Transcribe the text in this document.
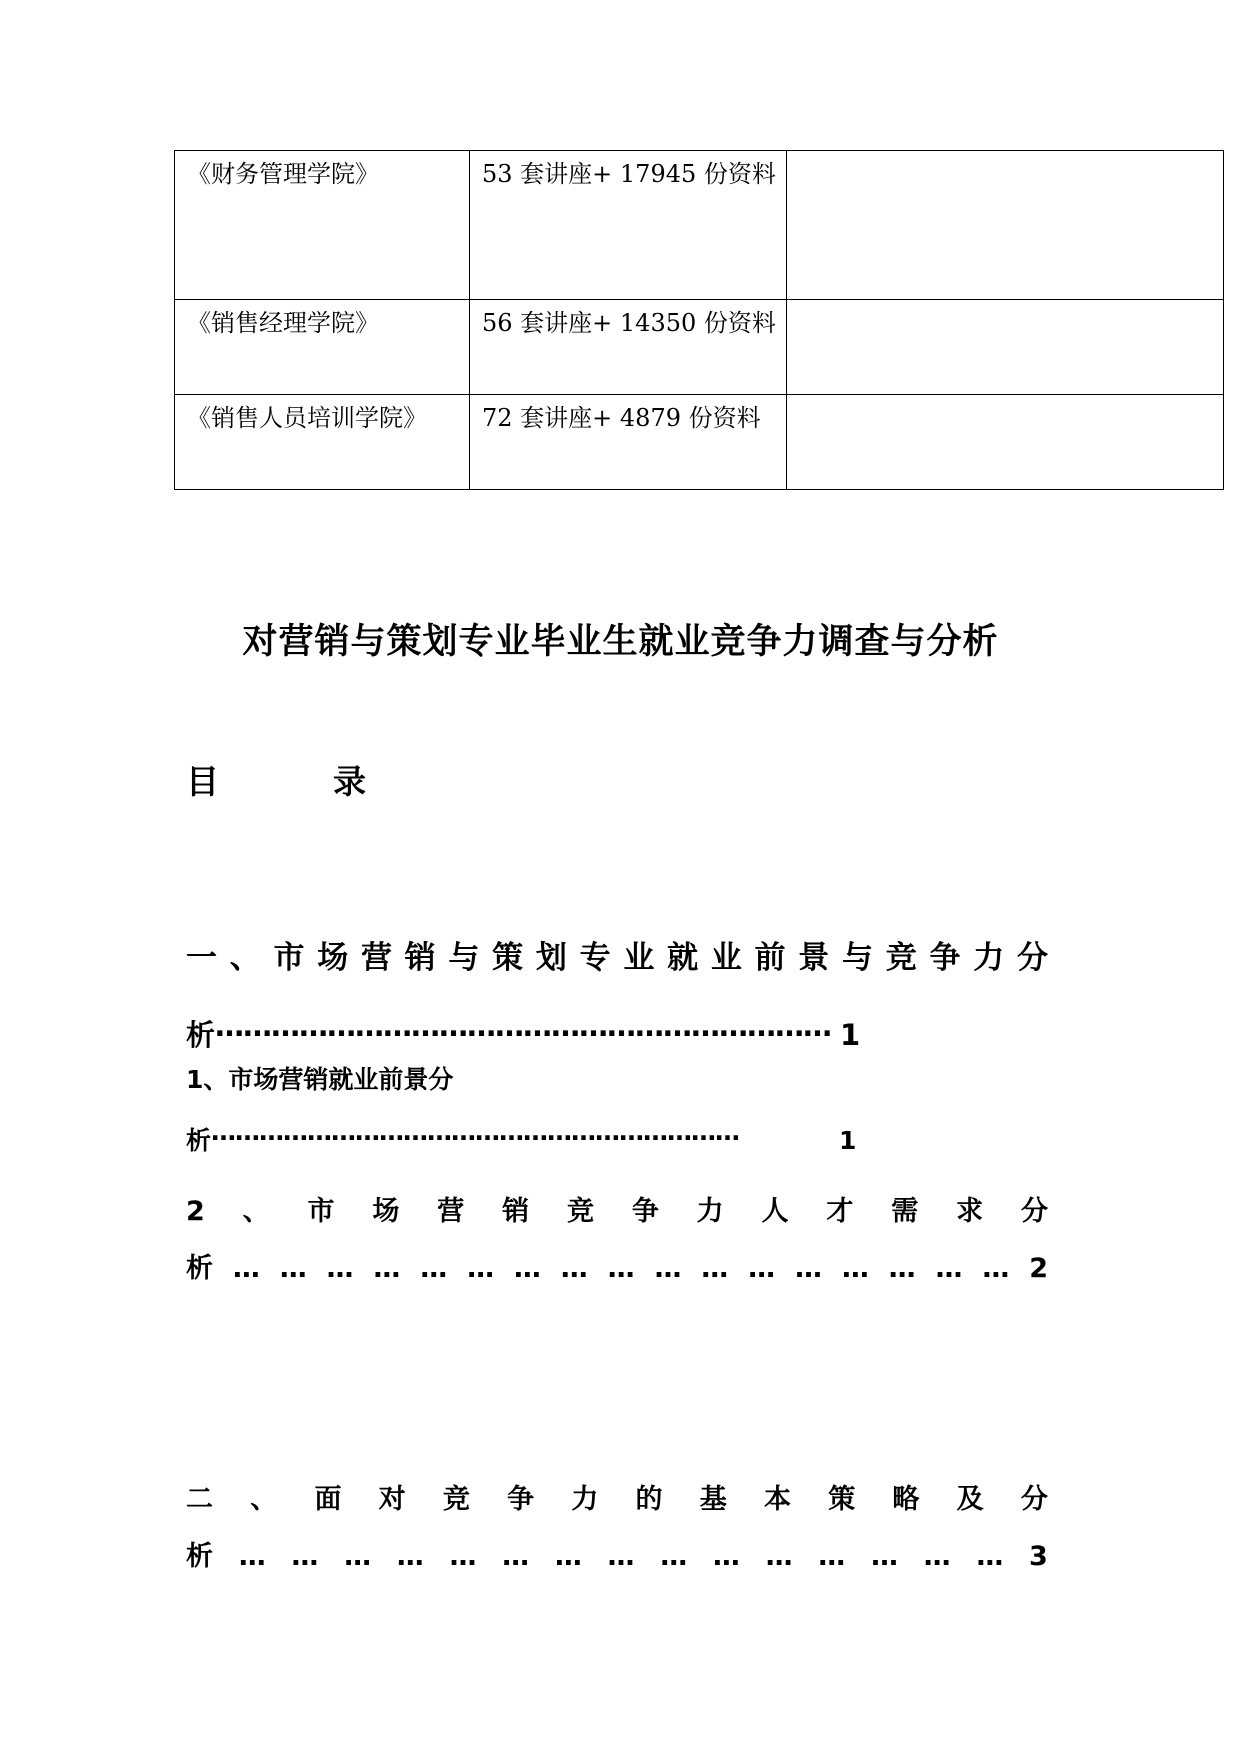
《财务管理学院》	53 套讲座+ 17945 份资料	
《销售经理学院》	56 套讲座+ 14350 份资料	
《销售人员培训学院》	72 套讲座+ 4879 份资料	
对营销与策划专业毕业生就业竞争力调查与分析
目	录
一 、 市 场 营 销 与 策 划 专 业 就 业 前 景 与 竞 争 力 分
析………………………………………………………… 1
1、市场营销就业前景分
析…………………………………………………………	1
2 、 市 场 营 销 竞 争 力 人 才 需 求 分
析 … … … … … … … … … … … … … … … … … 2
二 、 面 对 竞 争 力 的 基 本 策 略 及 分
析 … … … … … … … … … … … … … … … 3
